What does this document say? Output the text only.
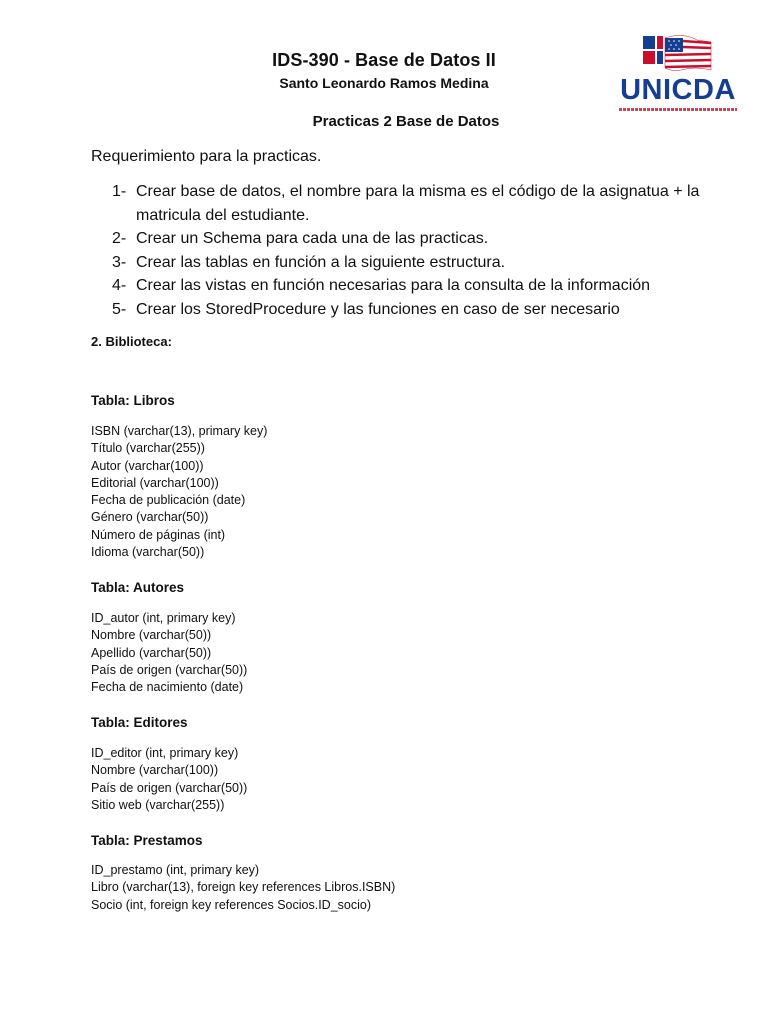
IDS-390 - Base de Datos II
Santo Leonardo Ramos Medina
Practicas 2 Base de Datos
UNICDA
Requerimiento para la practicas.
1- Crear base de datos, el nombre para la misma es el código de la asignatua + la matricula del estudiante.
2- Crear un Schema para cada una de las practicas.
3- Crear las tablas en función a la siguiente estructura.
4- Crear las vistas en función necesarias para la consulta de la información
5- Crear los StoredProcedure y las funciones en caso de ser necesario
2. Biblioteca:
Tabla: Libros
ISBN (varchar(13), primary key)
Título (varchar(255))
Autor (varchar(100))
Editorial (varchar(100))
Fecha de publicación (date)
Género (varchar(50))
Número de páginas (int)
Idioma (varchar(50))
Tabla: Autores
ID_autor (int, primary key)
Nombre (varchar(50))
Apellido (varchar(50))
País de origen (varchar(50))
Fecha de nacimiento (date)
Tabla: Editores
ID_editor (int, primary key)
Nombre (varchar(100))
País de origen (varchar(50))
Sitio web (varchar(255))
Tabla: Prestamos
ID_prestamo (int, primary key)
Libro (varchar(13), foreign key references Libros.ISBN)
Socio (int, foreign key references Socios.ID_socio)
